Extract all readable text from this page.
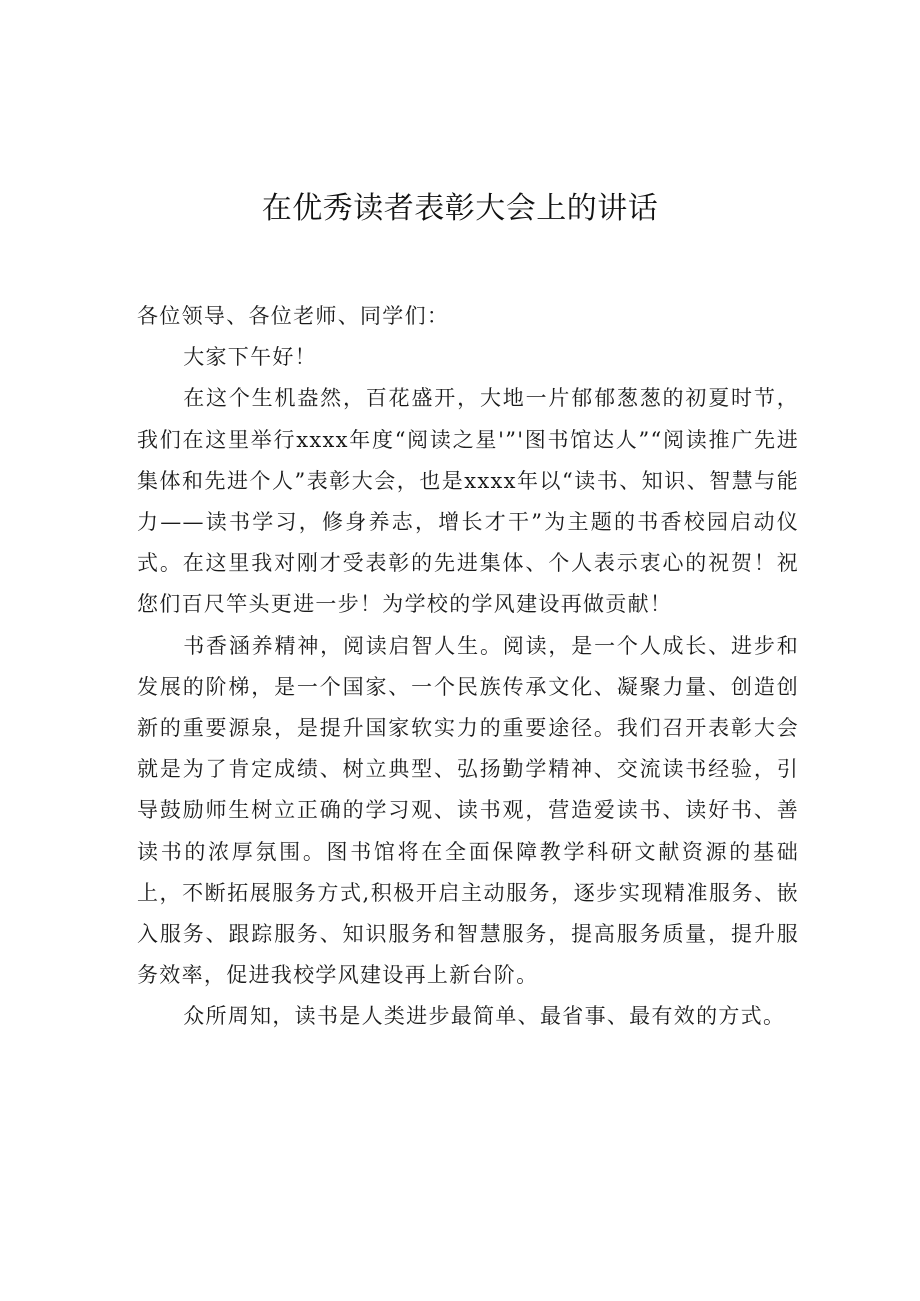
在优秀读者表彰大会上的讲话

各位领导、各位老师、同学们：

大家下午好！

在这个生机盎然，百花盛开，大地一片郁郁葱葱的初夏时节，我们在这里举行xxxx年度“阅读之星'”'图书馆达人”“阅读推广先进集体和先进个人”表彰大会，也是xxxx年以“读书、知识、智慧与能力——读书学习，修身养志，增长才干”为主题的书香校园启动仪式。在这里我对刚才受表彰的先进集体、个人表示衷心的祝贺！祝您们百尺竿头更进一步！为学校的学风建设再做贡献！

书香涵养精神，阅读启智人生。阅读，是一个人成长、进步和发展的阶梯，是一个国家、一个民族传承文化、凝聚力量、创造创新的重要源泉，是提升国家软实力的重要途径。我们召开表彰大会就是为了肯定成绩、树立典型、弘扬勤学精神、交流读书经验，引导鼓励师生树立正确的学习观、读书观，营造爱读书、读好书、善读书的浓厚氛围。图书馆将在全面保障教学科研文献资源的基础上，不断拓展服务方式,积极开启主动服务，逐步实现精准服务、嵌入服务、跟踪服务、知识服务和智慧服务，提高服务质量，提升服务效率，促进我校学风建设再上新台阶。

众所周知，读书是人类进步最简单、最省事、最有效的方式。
